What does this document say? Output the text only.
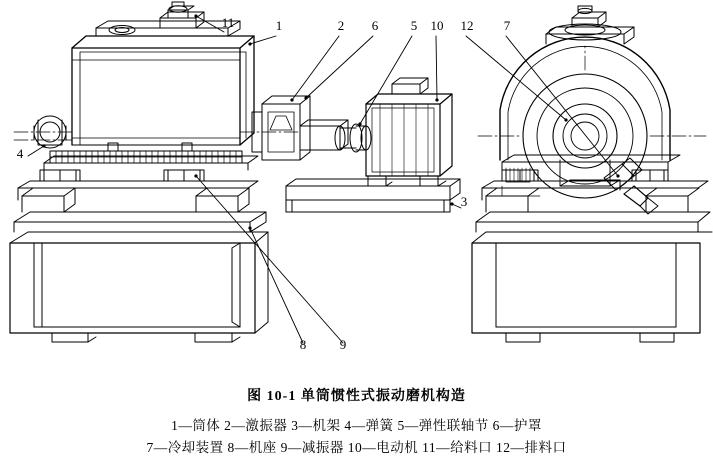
1	2 6	5 10 12 7
11
4
3
8	9
图 10-1 单筒惯性式振动磨机构造
1—筒体 2—激振器 3—机架 4—弹簧 5—弹性联轴节 6—护罩
7—冷却装置 8—机座 9—减振器 10—电动机 11—给料口 12—排料口
